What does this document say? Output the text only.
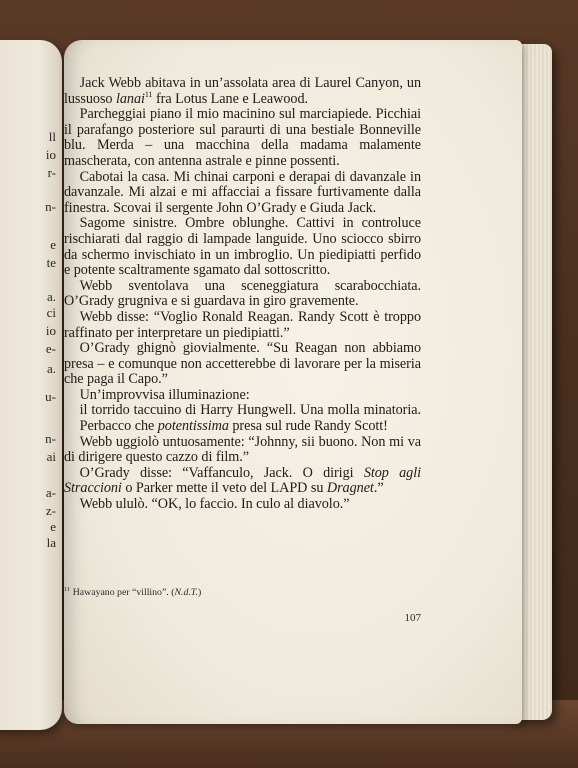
ll
io
r-
n-
e
te
a.
ci
io
e-
a.
u-
n-
ai
a-
z-
e
la

Jack Webb abitava in un’assolata area di Laurel Canyon, un lussuoso lanai$^{11}$ fra Lotus Lane e Leawood.

Parcheggiai piano il mio macinino sul marciapiede. Picchiai il parafango posteriore sul paraurti di una bestiale Bonneville blu. Merda – una macchina della madama malamente mascherata, con antenna astrale e pinne possenti.

Cabotai la casa. Mi chinai carponi e derapai di davanzale in davanzale. Mi alzai e mi affacciai a fissare furtivamente dalla finestra. Scovai il sergente John O’Grady e Giuda Jack.

Sagome sinistre. Ombre oblunghe. Cattivi in controluce rischiarati dal raggio di lampade languide. Uno sciocco sbirro da schermo invischiato in un imbroglio. Un piedipiatti perfido e potente scaltramente sgamato dal sottoscritto.

Webb sventolava una sceneggiatura scarabocchiata. O’Grady grugniva e si guardava in giro gravemente.

Webb disse: “Voglio Ronald Reagan. Randy Scott è troppo raffinato per interpretare un piedipiatti.”

O’Grady ghignò giovialmente. “Su Reagan non abbiamo presa – e comunque non accetterebbe di lavorare per la miseria che paga il Capo.”

Un’improvvisa illuminazione:

il torrido taccuino di Harry Hungwell. Una molla minatoria. Perbacco che potentissima presa sul rude Randy Scott!

Webb uggiolò untuosamente: “Johnny, sii buono. Non mi va di dirigere questo cazzo di film.”

O’Grady disse: “Vaffanculo, Jack. O dirigi Stop agli Straccioni o Parker mette il veto del LAPD su Dragnet.”

Webb ululò. “OK, lo faccio. In culo al diavolo.”

$^{11}$ Hawayano per “villino”. (N.d.T.)
107
